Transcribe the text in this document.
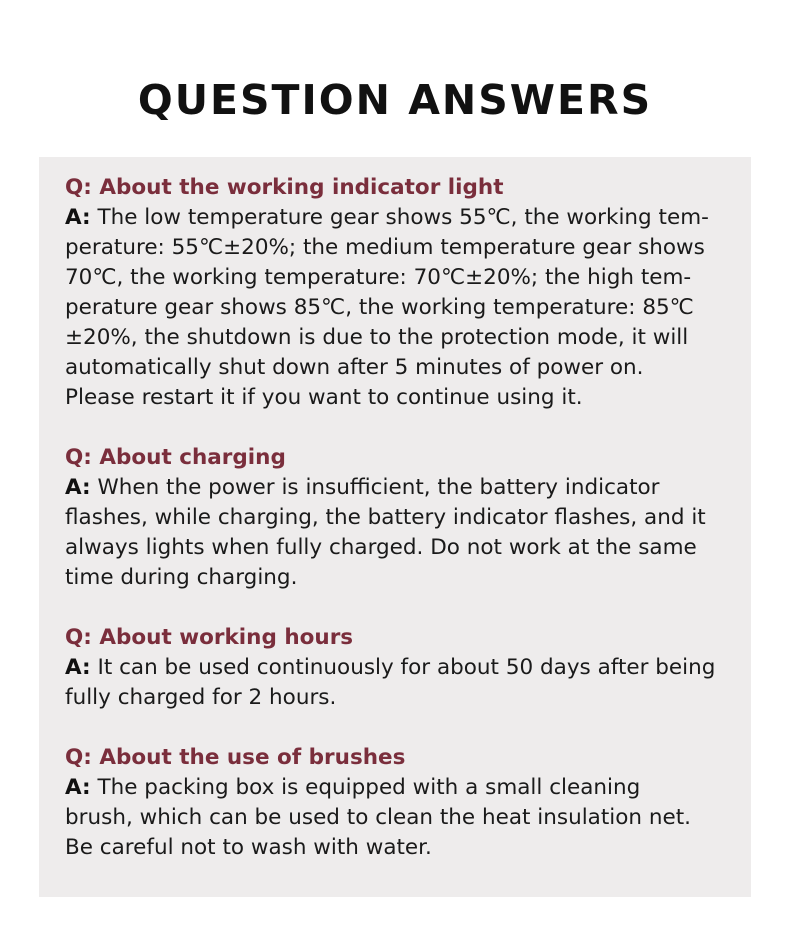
QUESTION ANSWERS
Q: About the working indicator light

A: The low temperature gear shows 55℃, the working tem-
perature: 55℃±20%; the medium temperature gear shows
70℃, the working temperature: 70℃±20%; the high tem-
perature gear shows 85℃, the working temperature: 85℃
±20%, the shutdown is due to the protection mode, it will
automatically shut down after 5 minutes of power on.
Please restart it if you want to continue using it.

Q: About charging

A: When the power is insufficient, the battery indicator
flashes, while charging, the battery indicator flashes, and it
always lights when fully charged. Do not work at the same
time during charging.

Q: About working hours

A: It can be used continuously for about 50 days after being
fully charged for 2 hours.

Q: About the use of brushes

A: The packing box is equipped with a small cleaning
brush, which can be used to clean the heat insulation net.
Be careful not to wash with water.
